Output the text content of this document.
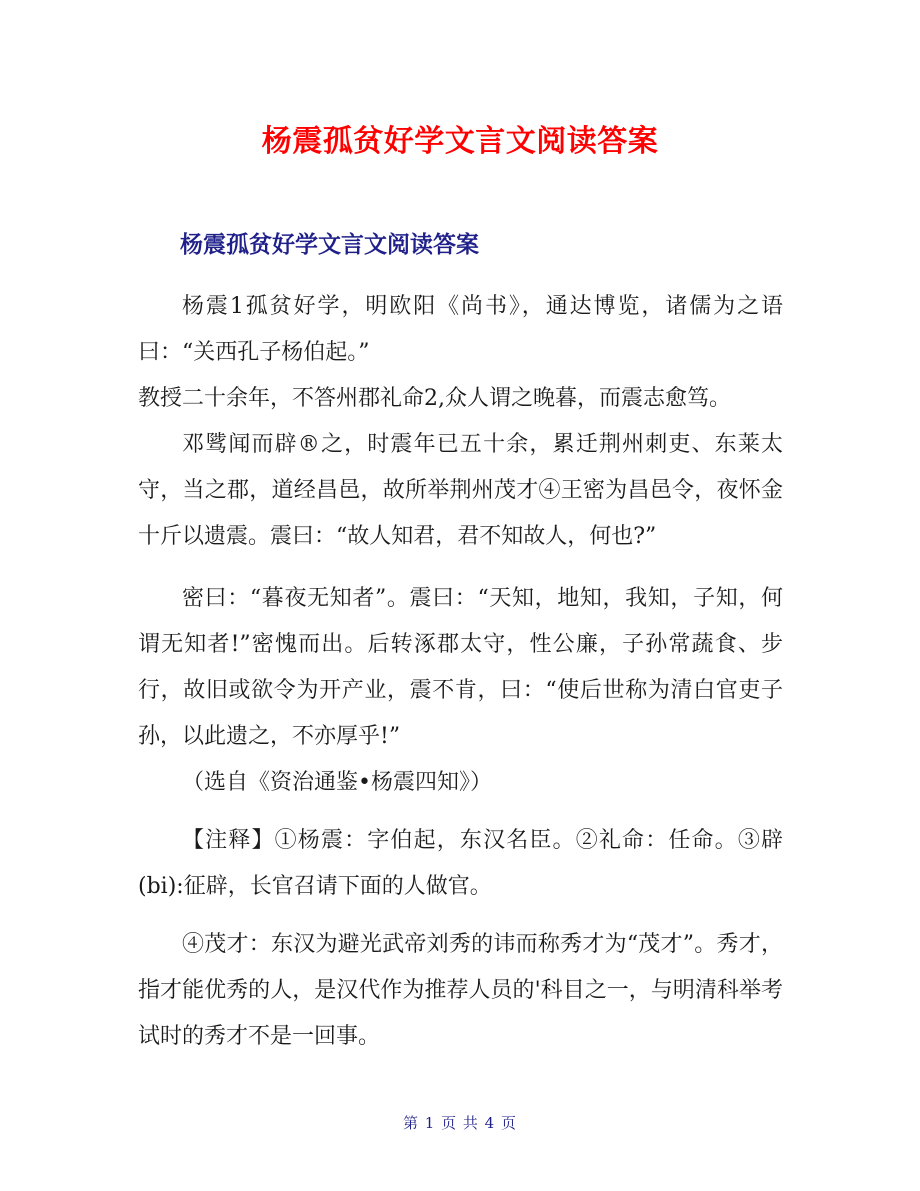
杨震孤贫好学文言文阅读答案
杨震孤贫好学文言文阅读答案

杨震1孤贫好学，明欧阳《尚书》，通达博览，诸儒为之语曰：“关西孔子杨伯起。”

教授二十余年，不答州郡礼命2,众人谓之晚暮，而震志愈笃。

邓骘闻而辟®之，时震年已五十余，累迁荆州刺吏、东莱太守，当之郡，道经昌邑，故所举荆州茂才④王密为昌邑令，夜怀金十斤以遗震。震曰：“故人知君，君不知故人，何也?”

密曰：“暮夜无知者”。震曰：“天知，地知，我知，子知，何谓无知者!”密愧而出。后转涿郡太守，性公廉，子孙常蔬食、步行，故旧或欲令为开产业，震不肯，曰：“使后世称为清白官吏子孙，以此遗之，不亦厚乎!”

（选自《资治通鉴•杨震四知》）

【注释】①杨震：字伯起，东汉名臣。②礼命：任命。③辟(bi):征辟，长官召请下面的人做官。

④茂才：东汉为避光武帝刘秀的讳而称秀才为“茂才”。秀才，指才能优秀的人，是汉代作为推荐人员的'科目之一，与明清科举考试时的秀才不是一回事。

第 1 页 共 4 页
